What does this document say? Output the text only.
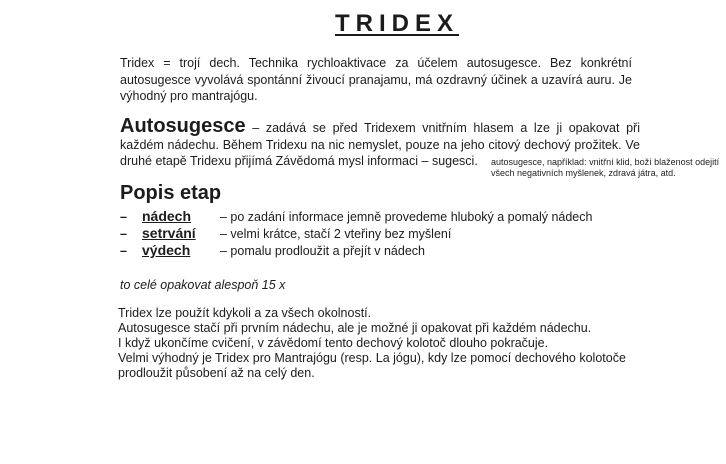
TRIDEX
Tridex = trojí dech. Technika rychloaktivace za účelem autosugesce. Bez konkrétní autosugesce vyvolává spontánní živoucí pranajamu, má ozdravný účinek a uzavírá auru. Je výhodný pro mantrajógu.
Autosugesce – zadává se před Tridexem vnitřním hlasem a lze ji opakovat při každém nádechu. Během Tridexu na nic nemyslet, pouze na jeho citový dechový prožitek. Ve druhé etapě Tridexu přijímá Závědomá mysl informaci – sugesci.	autosugesce, například: vnitřní klid, boží blaženost odejití všech negativních myšlenek, zdravá játra, atd.
Popis etap
– nádech – po zadání informace jemně provedeme hluboký a pomalý nádech
– setrvání – velmi krátce, stačí 2 vteřiny bez myšlení
– výdech – pomalu prodloužit a přejít v nádech
to celé opakovat alespoň 15 x
Tridex lze použít kdykoli a za všech okolností.
Autosugesce stačí při prvním nádechu, ale je možné ji opakovat při každém nádechu.
I když ukončíme cvičení, v závědomí tento dechový kolotoč dlouho pokračuje.
Velmi výhodný je Tridex pro Mantrajógu (resp. La jógu), kdy lze pomocí dechového kolotoče
prodloužit působení až na celý den.
